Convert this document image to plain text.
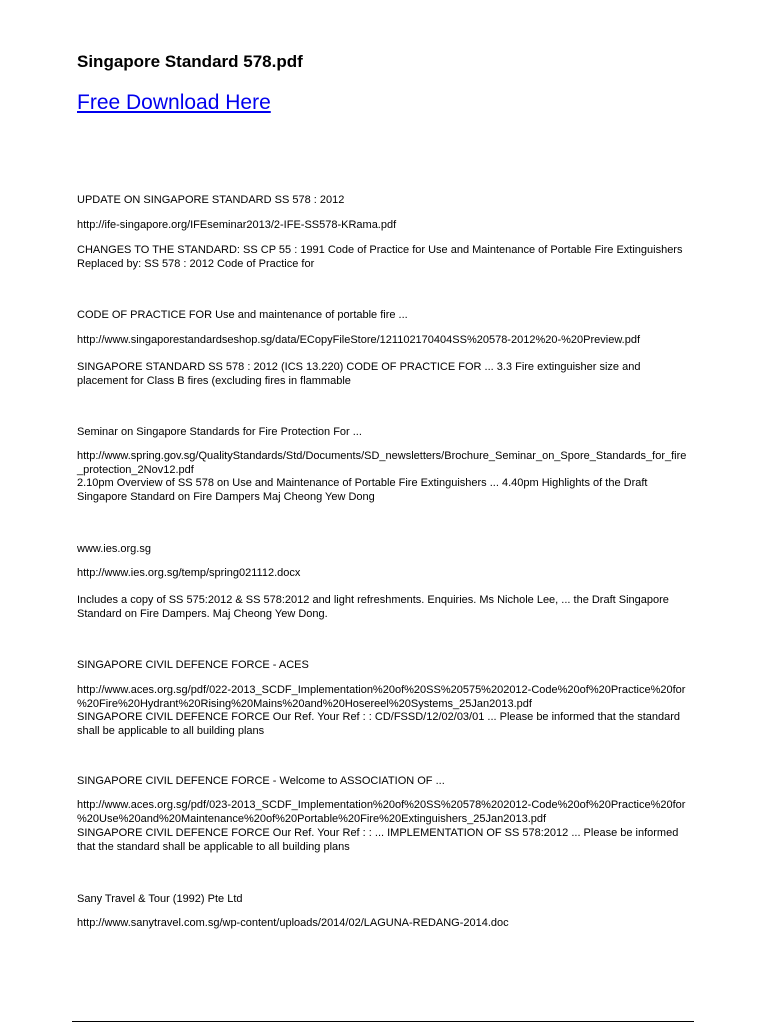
Singapore Standard 578.pdf
Free Download Here
UPDATE ON SINGAPORE STANDARD SS 578 : 2012
http://ife-singapore.org/IFEseminar2013/2-IFE-SS578-KRama.pdf
CHANGES TO THE STANDARD: SS CP 55 : 1991 Code of Practice for Use and Maintenance of Portable Fire Extinguishers
Replaced by: SS 578 : 2012 Code of Practice for
CODE OF PRACTICE FOR Use and maintenance of portable fire ...
http://www.singaporestandardseshop.sg/data/ECopyFileStore/121102170404SS%20578-2012%20-%20Preview.pdf
SINGAPORE STANDARD SS 578 : 2012 (ICS 13.220) CODE OF PRACTICE FOR ... 3.3 Fire extinguisher size and
placement for Class B fires (excluding fires in flammable
Seminar on Singapore Standards for Fire Protection For ...
http://www.spring.gov.sg/QualityStandards/Std/Documents/SD_newsletters/Brochure_Seminar_on_Spore_Standards_for_fire
_protection_2Nov12.pdf
2.10pm Overview of SS 578 on Use and Maintenance of Portable Fire Extinguishers ... 4.40pm Highlights of the Draft
Singapore Standard on Fire Dampers Maj Cheong Yew Dong
www.ies.org.sg
http://www.ies.org.sg/temp/spring021112.docx
Includes a copy of SS 575:2012 & SS 578:2012 and light refreshments. Enquiries. Ms Nichole Lee, ... the Draft Singapore
Standard on Fire Dampers. Maj Cheong Yew Dong.
SINGAPORE CIVIL DEFENCE FORCE - ACES
http://www.aces.org.sg/pdf/022-2013_SCDF_Implementation%20of%20SS%20575%202012-Code%20of%20Practice%20for
%20Fire%20Hydrant%20Rising%20Mains%20and%20Hosereel%20Systems_25Jan2013.pdf
SINGAPORE CIVIL DEFENCE FORCE Our Ref. Your Ref : : CD/FSSD/12/02/03/01 ... Please be informed that the standard
shall be applicable to all building plans
SINGAPORE CIVIL DEFENCE FORCE - Welcome to ASSOCIATION OF ...
http://www.aces.org.sg/pdf/023-2013_SCDF_Implementation%20of%20SS%20578%202012-Code%20of%20Practice%20for
%20Use%20and%20Maintenance%20of%20Portable%20Fire%20Extinguishers_25Jan2013.pdf
SINGAPORE CIVIL DEFENCE FORCE Our Ref. Your Ref : : ... IMPLEMENTATION OF SS 578:2012 ... Please be informed
that the standard shall be applicable to all building plans
Sany Travel & Tour (1992) Pte Ltd
http://www.sanytravel.com.sg/wp-content/uploads/2014/02/LAGUNA-REDANG-2014.doc
